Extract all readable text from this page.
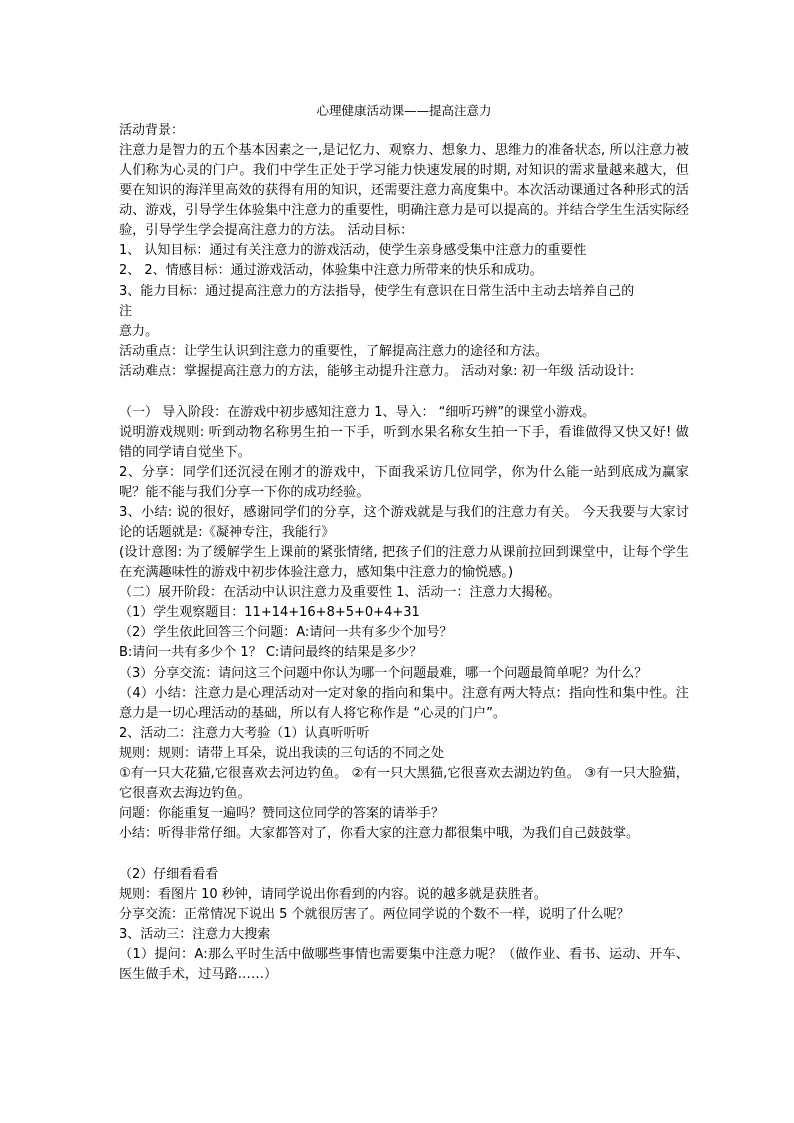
心理健康活动课——提高注意力
活动背景：

注意力是智力的五个基本因素之一,是记忆力、观察力、想象力、思维力的准备状态, 所以注意力被人们称为心灵的门户。我们中学生正处于学习能力快速发展的时期, 对知识的需求量越来越大，但要在知识的海洋里高效的获得有用的知识，还需要注意力高度集中。本次活动课通过各种形式的活动、游戏，引导学生体验集中注意力的重要性，明确注意力是可以提高的。并结合学生生活实际经验，引导学生学会提高注意力的方法。 活动目标：

1、 认知目标：通过有关注意力的游戏活动，使学生亲身感受集中注意力的重要性
2、 2、情感目标：通过游戏活动，体验集中注意力所带来的快乐和成功。
3、能力目标：通过提高注意力的方法指导，使学生有意识在日常生活中主动去培养自己的
注
意力。
活动重点：让学生认识到注意力的重要性，了解提高注意力的途径和方法。
活动难点：掌握提高注意力的方法，能够主动提升注意力。 活动对象: 初一年级 活动设计:
（一） 导入阶段：在游戏中初步感知注意力 1、导入： “细听巧辨”的课堂小游戏。

说明游戏规则: 听到动物名称男生拍一下手，听到水果名称女生拍一下手，看谁做得又快又好! 做错的同学请自觉坐下。

2、分享：同学们还沉浸在刚才的游戏中，下面我采访几位同学，你为什么能一站到底成为赢家呢？能不能与我们分享一下你的成功经验。

3、小结: 说的很好，感谢同学们的分享，这个游戏就是与我们的注意力有关。 今天我要与大家讨论的话题就是:《凝神专注，我能行》

(设计意图: 为了缓解学生上课前的紧张情绪, 把孩子们的注意力从课前拉回到课堂中，让每个学生在充满趣味性的游戏中初步体验注意力，感知集中注意力的愉悦感。)

（二）展开阶段：在活动中认识注意力及重要性 1、活动一：注意力大揭秘。
（1）学生观察题目：11+14+16+8+5+0+4+31
（2）学生依此回答三个问题：A:请问一共有多少个加号？
B:请问一共有多少个 1？ C:请问最终的结果是多少？
（3）分享交流：请问这三个问题中你认为哪一个问题最难，哪一个问题最简单呢？为什么？

（4）小结：注意力是心理活动对一定对象的指向和集中。注意有两大特点：指向性和集中性。注意力是一切心理活动的基础，所以有人将它称作是 “心灵的门户”。

2、活动二：注意力大考验（1）认真听听听
规则：规则：请带上耳朵，说出我读的三句话的不同之处

①有一只大花猫,它很喜欢去河边钓鱼。 ②有一只大黑猫,它很喜欢去湖边钓鱼。 ③有一只大脸猫，它很喜欢去海边钓鱼。

问题：你能重复一遍吗？赞同这位同学的答案的请举手？
小结：听得非常仔细。大家都答对了，你看大家的注意力都很集中哦，为我们自己鼓鼓掌。
（2）仔细看看看
规则：看图片 10 秒钟，请同学说出你看到的内容。说的越多就是获胜者。
分享交流：正常情况下说出 5 个就很厉害了。两位同学说的个数不一样，说明了什么呢？
3、活动三：注意力大搜索

（1）提问：A:那么平时生活中做哪些事情也需要集中注意力呢？（做作业、看书、运动、开车、医生做手术，过马路……）
